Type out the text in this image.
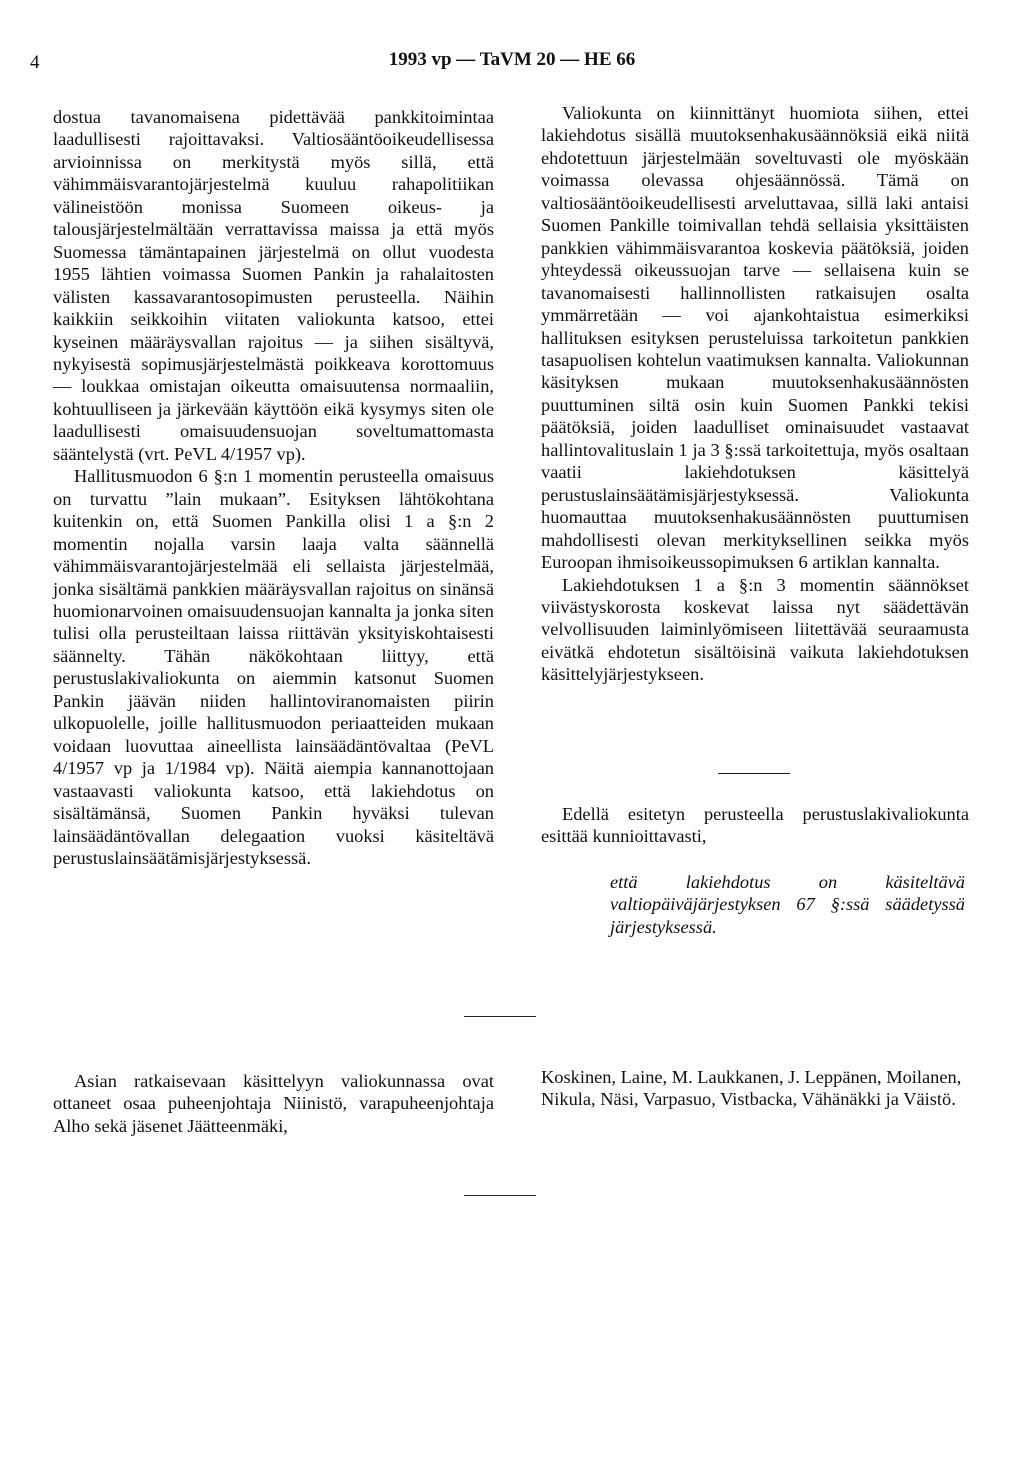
4	1993 vp — TaVM 20 — HE 66

dostua tavanomaisena pidettävää pankkitoimintaa laadullisesti rajoittavaksi. Valtiosääntöoikeudellisessa arvioinnissa on merkitystä myös sillä, että vähimmäisvarantojärjestelmä kuuluu rahapolitiikan välineistöön monissa Suomeen oikeus- ja talousjärjestelmältään verrattavissa maissa ja että myös Suomessa tämäntapainen järjestelmä on ollut vuodesta 1955 lähtien voimassa Suomen Pankin ja rahalaitosten välisten kassavarantosopimusten perusteella. Näihin kaikkiin seikkoihin viitaten valiokunta katsoo, ettei kyseinen määräysvallan rajoitus — ja siihen sisältyvä, nykyisestä sopimusjärjestelmästä poikkeava korottomuus — loukkaa omistajan oikeutta omaisuutensa normaaliin, kohtuulliseen ja järkevään käyttöön eikä kysymys siten ole laadullisesti omaisuudensuojan soveltumattomasta sääntelystä (vrt. PeVL 4/1957 vp).

Hallitusmuodon 6 §:n 1 momentin perusteella omaisuus on turvattu ”lain mukaan”. Esityksen lähtökohtana kuitenkin on, että Suomen Pankilla olisi 1 a §:n 2 momentin nojalla varsin laaja valta säännellä vähimmäisvarantojärjestelmää eli sellaista järjestelmää, jonka sisältämä pankkien määräysvallan rajoitus on sinänsä huomionarvoinen omaisuudensuojan kannalta ja jonka siten tulisi olla perusteiltaan laissa riittävän yksityiskohtaisesti säännelty. Tähän näkökohtaan liittyy, että perustuslakivaliokunta on aiemmin katsonut Suomen Pankin jäävän niiden hallintoviranomaisten piirin ulkopuolelle, joille hallitusmuodon periaatteiden mukaan voidaan luovuttaa aineellista lainsäädäntövaltaa (PeVL 4/1957 vp ja 1/1984 vp). Näitä aiempia kannanottojaan vastaavasti valiokunta katsoo, että lakiehdotus on sisältämänsä, Suomen Pankin hyväksi tulevan lainsäädäntövallan delegaation vuoksi käsiteltävä perustuslainsäätämisjärjestyksessä.

Valiokunta on kiinnittänyt huomiota siihen, ettei lakiehdotus sisällä muutoksenhakusäännöksiä eikä niitä ehdotettuun järjestelmään soveltuvasti ole myöskään voimassa olevassa ohjesäännössä. Tämä on valtiosääntöoikeudellisesti arveluttavaa, sillä laki antaisi Suomen Pankille toimivallan tehdä sellaisia yksittäisten pankkien vähimmäisvarantoa koskevia päätöksiä, joiden yhteydessä oikeussuojan tarve — sellaisena kuin se tavanomaisesti hallinnollisten ratkaisujen osalta ymmärretään — voi ajankohtaistua esimerkiksi hallituksen esityksen perusteluissa tarkoitetun pankkien tasapuolisen kohtelun vaatimuksen kannalta. Valiokunnan käsityksen mukaan muutoksenhakusäännösten puuttuminen siltä osin kuin Suomen Pankki tekisi päätöksiä, joiden laadulliset ominaisuudet vastaavat hallintovalituslain 1 ja 3 §:ssä tarkoitettuja, myös osaltaan vaatii lakiehdotuksen käsittelyä perustuslainsäätämisjärjestyksessä. Valiokunta huomauttaa muutoksenhakusäännösten puuttumisen mahdollisesti olevan merkityksellinen seikka myös Euroopan ihmisoikeussopimuksen 6 artiklan kannalta.

Lakiehdotuksen 1 a §:n 3 momentin säännökset viivästyskorosta koskevat laissa nyt säädettävän velvollisuuden laiminlyömiseen liitettävää seuraamusta eivätkä ehdotetun sisältöisinä vaikuta lakiehdotuksen käsittelyjärjestykseen.

Edellä esitetyn perusteella perustuslakivaliokunta esittää kunnioittavasti,

että lakiehdotus on käsiteltävä valtiopäiväjärjestyksen 67 §:ssä säädetyssä järjestyksessä.

Asian ratkaisevaan käsittelyyn valiokunnassa ovat ottaneet osaa puheenjohtaja Niinistö, varapuheenjohtaja Alho sekä jäsenet Jäätteenmäki,

Koskinen, Laine, M. Laukkanen, J. Leppänen, Moilanen, Nikula, Näsi, Varpasuo, Vistbacka, Vähänäkki ja Väistö.
